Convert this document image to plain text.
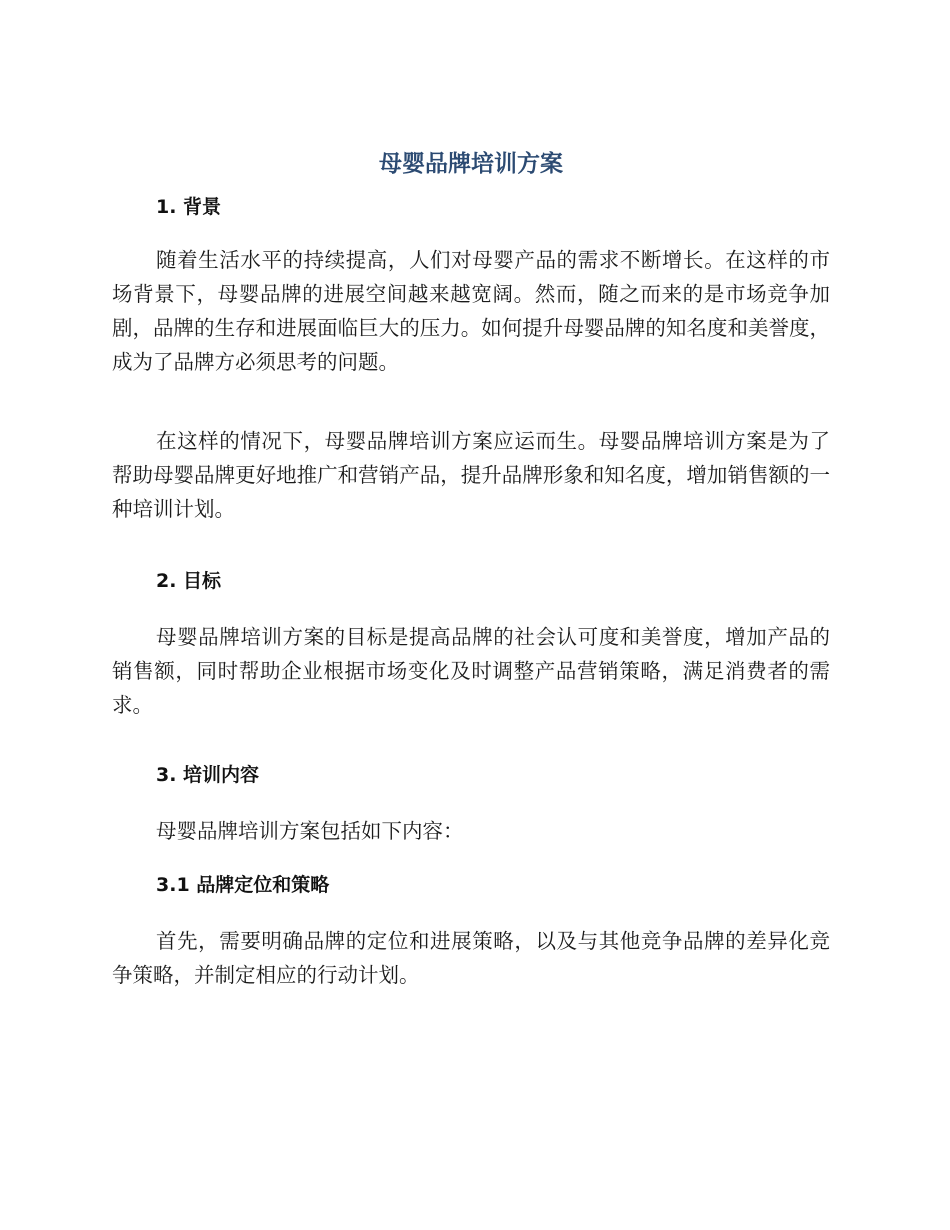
母婴品牌培训方案
1. 背景

随着生活水平的持续提高，人们对母婴产品的需求不断增长。在这样的市场背景下，母婴品牌的进展空间越来越宽阔。然而，随之而来的是市场竞争加剧，品牌的生存和进展面临巨大的压力。如何提升母婴品牌的知名度和美誉度，成为了品牌方必须思考的问题。

在这样的情况下，母婴品牌培训方案应运而生。母婴品牌培训方案是为了帮助母婴品牌更好地推广和营销产品，提升品牌形象和知名度，增加销售额的一种培训计划。

2. 目标

母婴品牌培训方案的目标是提高品牌的社会认可度和美誉度，增加产品的销售额，同时帮助企业根据市场变化及时调整产品营销策略，满足消费者的需求。

3. 培训内容

母婴品牌培训方案包括如下内容：

3.1 品牌定位和策略

首先，需要明确品牌的定位和进展策略，以及与其他竞争品牌的差异化竞争策略，并制定相应的行动计划。
